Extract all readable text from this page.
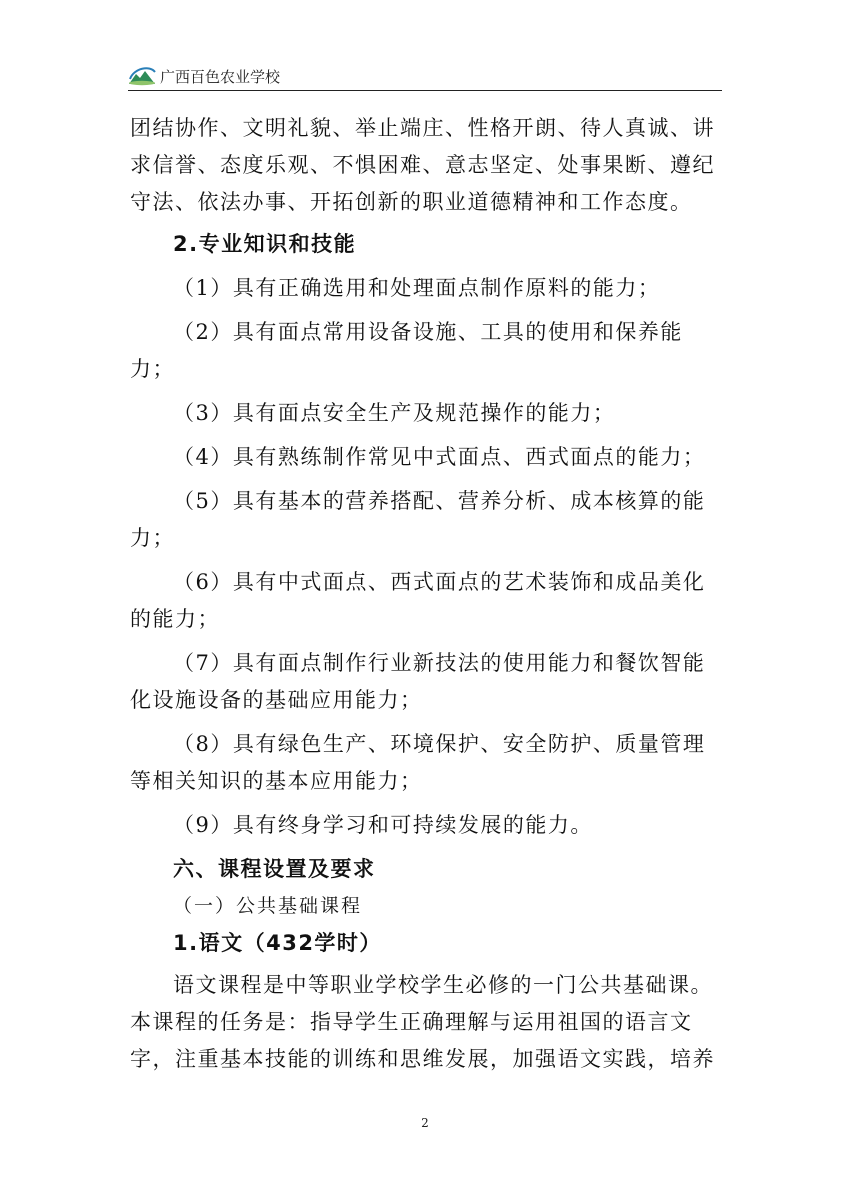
广西百色农业学校

团结协作、文明礼貌、举止端庄、性格开朗、待人真诚、讲

求信誉、态度乐观、不惧困难、意志坚定、处事果断、遵纪

守法、依法办事、开拓创新的职业道德精神和工作态度。

2.专业知识和技能

（1）具有正确选用和处理面点制作原料的能力；

（2）具有面点常用设备设施、工具的使用和保养能力；

（3）具有面点安全生产及规范操作的能力；

（4）具有熟练制作常见中式面点、西式面点的能力；

（5）具有基本的营养搭配、营养分析、成本核算的能

力；

（6）具有中式面点、西式面点的艺术装饰和成品美化

的能力；

（7）具有面点制作行业新技法的使用能力和餐饮智能

化设施设备的基础应用能力；

（8）具有绿色生产、环境保护、安全防护、质量管理

等相关知识的基本应用能力；

（9）具有终身学习和可持续发展的能力。

六、课程设置及要求

（一）公共基础课程

1.语文（432学时）

语文课程是中等职业学校学生必修的一门公共基础课。

本课程的任务是：指导学生正确理解与运用祖国的语言文

字，注重基本技能的训练和思维发展，加强语文实践，培养

2
